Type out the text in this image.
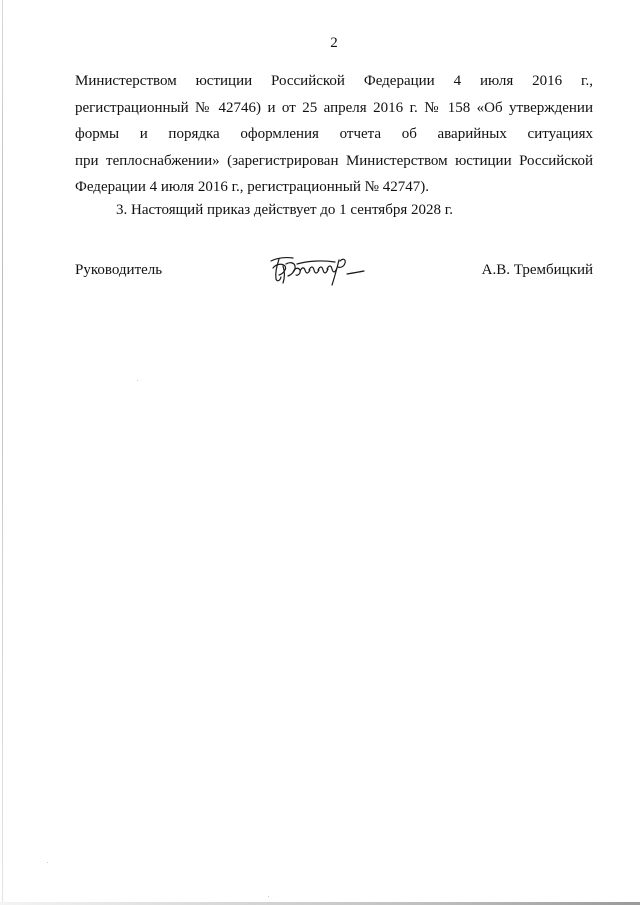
2

Министерством юстиции Российской Федерации 4 июля 2016 г.,
регистрационный № 42746) и от 25 апреля 2016 г. № 158 «Об утверждении
формы и порядка оформления отчета об аварийных ситуациях
при теплоснабжении» (зарегистрирован Министерством юстиции Российской
Федерации 4 июля 2016 г., регистрационный № 42747).

3. Настоящий приказ действует до 1 сентября 2028 г.

Руководитель	А.В. Трембицкий
